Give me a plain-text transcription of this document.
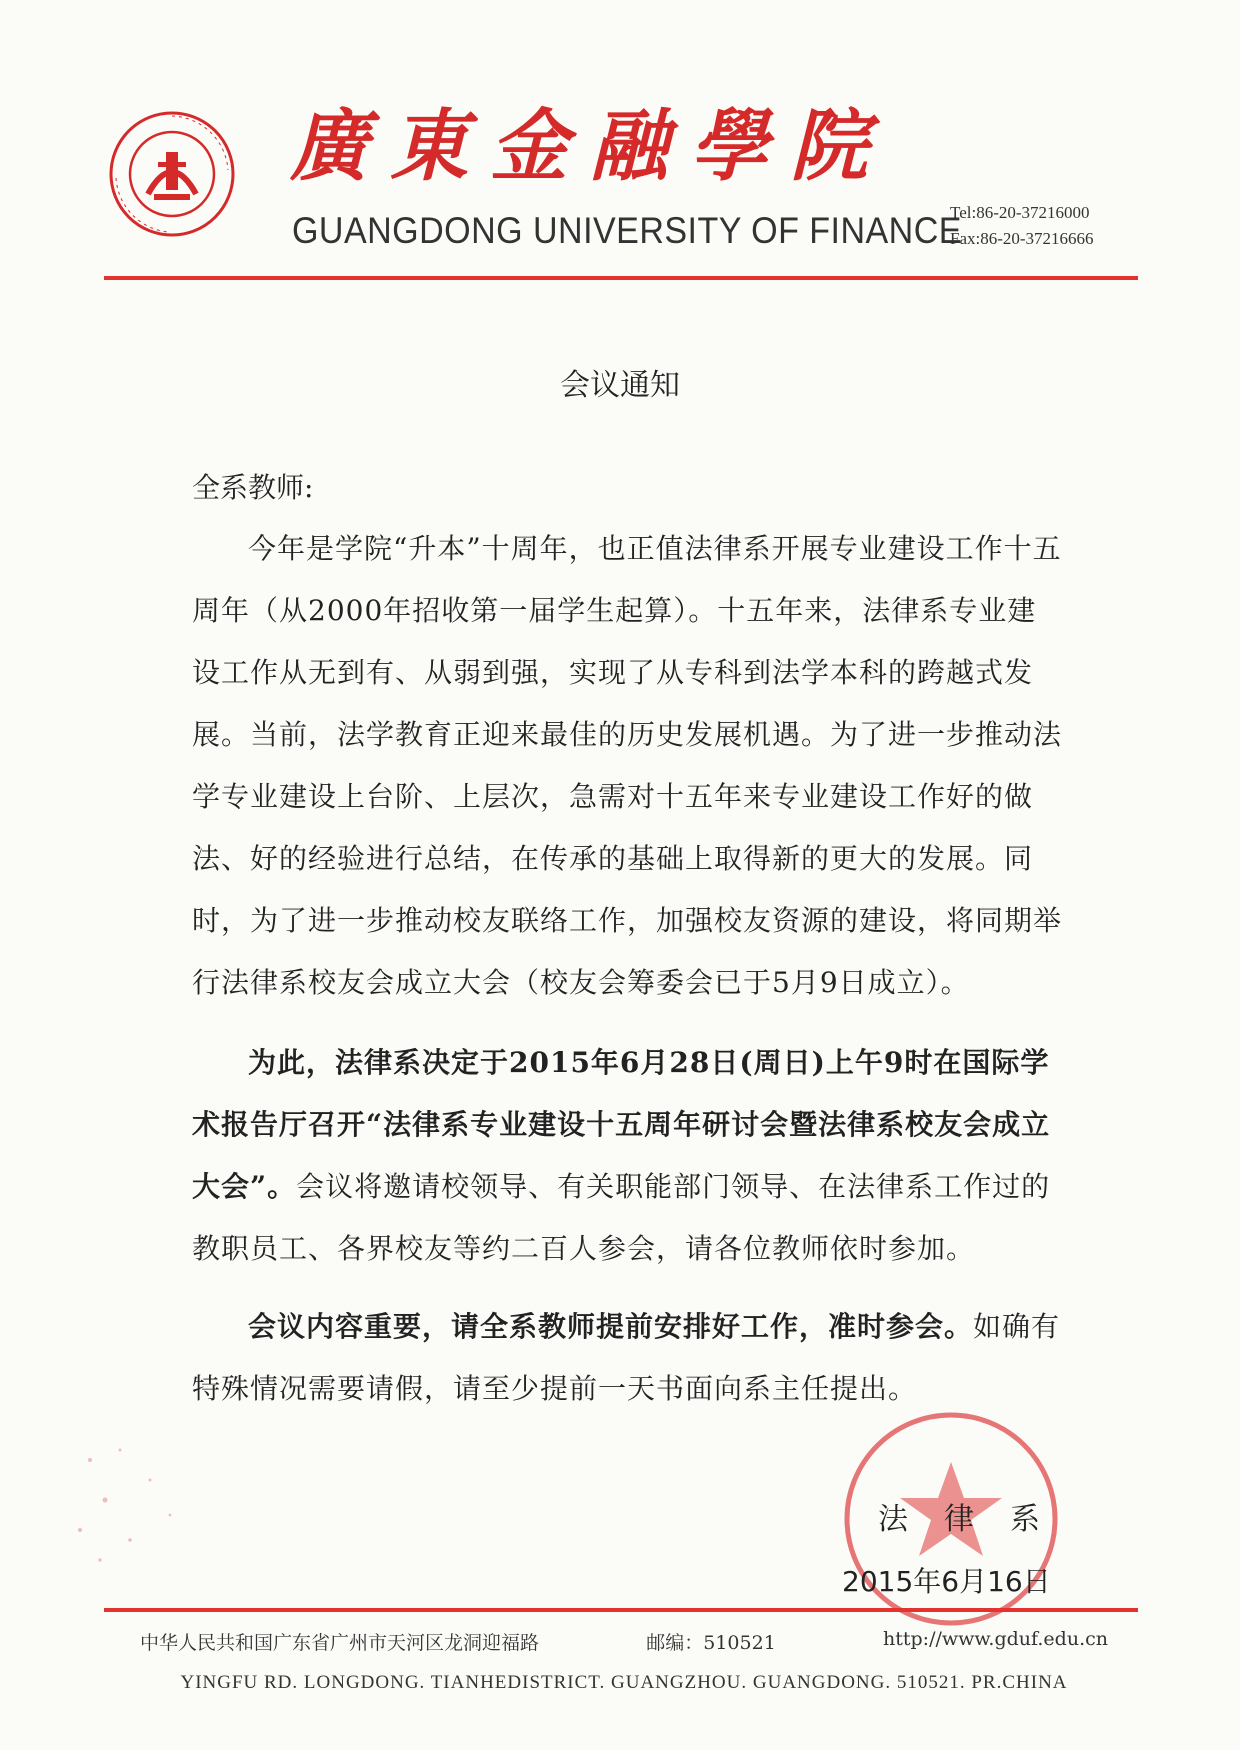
廣東金融學院
GUANGDONG UNIVERSITY OF FINANCE
Tel:86-20-37216000
Fax:86-20-37216666
会议通知
全系教师:

今年是学院“升本”十周年，也正值法律系开展专业建设工作十五周年（从2000年招收第一届学生起算）。十五年来，法律系专业建设工作从无到有、从弱到强，实现了从专科到法学本科的跨越式发展。当前，法学教育正迎来最佳的历史发展机遇。为了进一步推动法学专业建设上台阶、上层次，急需对十五年来专业建设工作好的做法、好的经验进行总结，在传承的基础上取得新的更大的发展。同时，为了进一步推动校友联络工作，加强校友资源的建设，将同期举行法律系校友会成立大会（校友会筹委会已于5月9日成立）。

为此，法律系决定于2015年6月28日(周日)上午9时在国际学术报告厅召开“法律系专业建设十五周年研讨会暨法律系校友会成立大会”。会议将邀请校领导、有关职能部门领导、在法律系工作过的教职员工、各界校友等约二百人参会，请各位教师依时参加。

会议内容重要，请全系教师提前安排好工作，准时参会。如确有特殊情况需要请假，请至少提前一天书面向系主任提出。

法律系
2015年6月16日
中华人民共和国广东省广州市天河区龙洞迎福路	邮编：510521	http://www.gduf.edu.cn
YINGFU RD. LONGDONG. TIANHEDISTRICT. GUANGZHOU. GUANGDONG. 510521. PR.CHINA
